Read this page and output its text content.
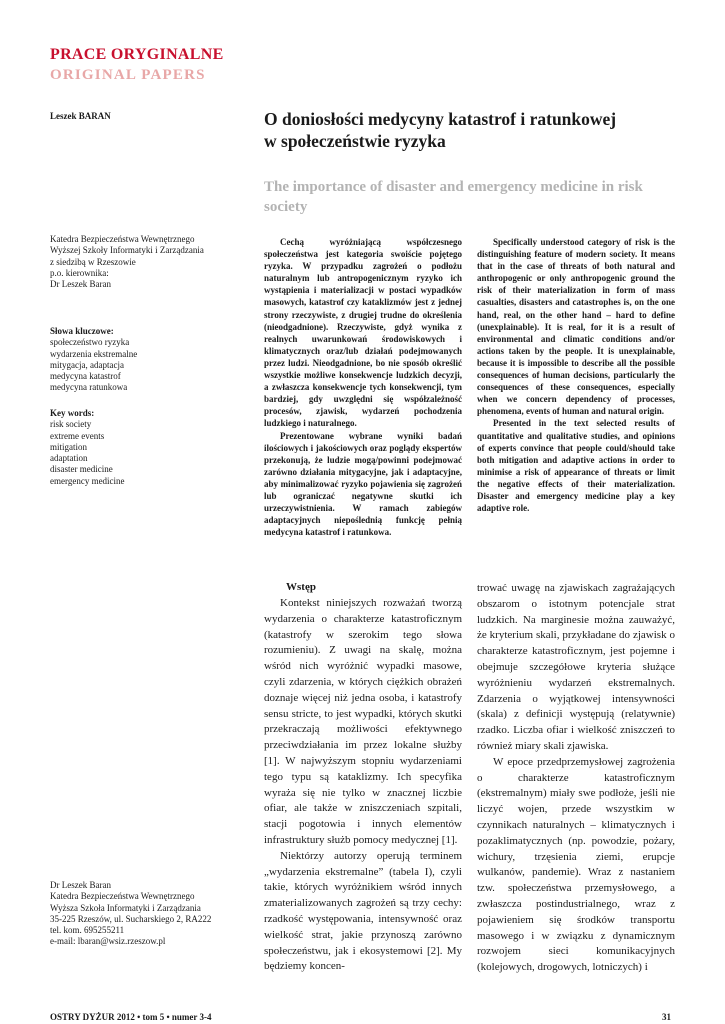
PRACE ORYGINALNE
ORIGINAL PAPERS
Leszek BARAN	O doniosłości medycyny katastrof i ratunkowej
w społeczeństwie ryzyka
The importance of disaster and emergency medicine in risk
society
Katedra Bezpieczeństwa Wewnętrznego
Wyższej Szkoły Informatyki i Zarządzania
z siedzibą w Rzeszowie
p.o. kierownika:
Dr Leszek Baran
Słowa kluczowe:
społeczeństwo ryzyka
wydarzenia ekstremalne
mitygacja, adaptacja
medycyna katastrof
medycyna ratunkowa
Key words:
risk society
extreme events
mitigation
adaptation
disaster medicine
emergency medicine
Dr Leszek Baran
Katedra Bezpieczeństwa Wewnętrznego
Wyższa Szkoła Informatyki i Zarządzania
35-225 Rzeszów, ul. Sucharskiego 2, RA222
tel. kom. 695255211
e-mail: lbaran@wsiz.rzeszow.pl

Cechą wyróżniającą współczesnego społeczeństwa jest kategoria swoiście pojętego ryzyka. W przypadku zagrożeń o podłożu naturalnym lub antropogenicznym ryzyko ich wystąpienia i materializacji w postaci wypadków masowych, katastrof czy kataklizmów jest z jednej strony rzeczywiste, z drugiej trudne do określenia (nieodgadnione). Rzeczywiste, gdyż wynika z realnych uwarunkowań środowiskowych i klimatycznych oraz/lub działań podejmowanych przez ludzi. Nieodgadnione, bo nie sposób określić wszystkie możliwe konsekwencje ludzkich decyzji, a zwłaszcza konsekwencje tych konsekwencji, tym bardziej, gdy uwzględni się współzależność procesów, zjawisk, wydarzeń pochodzenia ludzkiego i naturalnego.

Prezentowane wybrane wyniki badań ilościowych i jakościowych oraz poglądy ekspertów przekonują, że ludzie mogą/powinni podejmować zarówno działania mitygacyjne, jak i adaptacyjne, aby minimalizować ryzyko pojawienia się zagrożeń lub ograniczać negatywne skutki ich urzeczywistnienia. W ramach zabiegów adaptacyjnych niepoślednią funkcję pełnią medycyna katastrof i ratunkowa.

Specifically understood category of risk is the distinguishing feature of modern society. It means that in the case of threats of both natural and anthropogenic or only anthropogenic ground the risk of their materialization in form of mass casualties, disasters and catastrophes is, on the one hand, real, on the other hand – hard to define (unexplainable). It is real, for it is a result of environmental and climatic conditions and/or actions taken by the people. It is unexplainable, because it is impossible to describe all the possible consequences of human decisions, particularly the consequences of these consequences, especially when we concern dependency of processes, phenomena, events of human and natural origin.

Presented in the text selected results of quantitative and qualitative studies, and opinions of experts convince that people could/should take both mitigation and adaptive actions in order to minimise a risk of appearance of threats or limit the negative effects of their materialization. Disaster and emergency medicine play a key adaptive role.

Wstęp

Kontekst niniejszych rozważań tworzą wydarzenia o charakterze katastroficznym (katastrofy w szerokim tego słowa rozumieniu). Z uwagi na skalę, można wśród nich wyróżnić wypadki masowe, czyli zdarzenia, w których ciężkich obrażeń doznaje więcej niż jedna osoba, i katastrofy sensu stricte, to jest wypadki, których skutki przekraczają możliwości efektywnego przeciwdziałania im przez lokalne służby [1]. W najwyższym stopniu wydarzeniami tego typu są kataklizmy. Ich specyfika wyraża się nie tylko w znacznej liczbie ofiar, ale także w zniszczeniach szpitali, stacji pogotowia i innych elementów infrastruktury służb pomocy medycznej [1].

Niektórzy autorzy operują terminem „wydarzenia ekstremalne” (tabela I), czyli takie, których wyróżnikiem wśród innych zmaterializowanych zagrożeń są trzy cechy: rzadkość występowania, intensywność oraz wielkość strat, jakie przynoszą zarówno społeczeństwu, jak i ekosystemowi [2]. My będziemy koncen-

trować uwagę na zjawiskach zagrażających obszarom o istotnym potencjale strat ludzkich. Na marginesie można zauważyć, że kryterium skali, przykładane do zjawisk o charakterze katastroficznym, jest pojemne i obejmuje szczegółowe kryteria służące wyróżnieniu wydarzeń ekstremalnych. Zdarzenia o wyjątkowej intensywności (skala) z definicji występują (relatywnie) rzadko. Liczba ofiar i wielkość zniszczeń to również miary skali zjawiska.

W epoce przedprzemysłowej zagrożenia o charakterze katastroficznym (ekstremalnym) miały swe podłoże, jeśli nie liczyć wojen, przede wszystkim w czynnikach naturalnych – klimatycznych i pozaklimatycznych (np. powodzie, pożary, wichury, trzęsienia ziemi, erupcje wulkanów, pandemie). Wraz z nastaniem tzw. społeczeństwa przemysłowego, a zwłaszcza postindustrialnego, wraz z pojawieniem się środków transportu masowego i w związku z dynamicznym rozwojem sieci komunikacyjnych (kolejowych, drogowych, lotniczych) i

OSTRY DYŻUR 2012 • tom 5 • numer 3-4	31
